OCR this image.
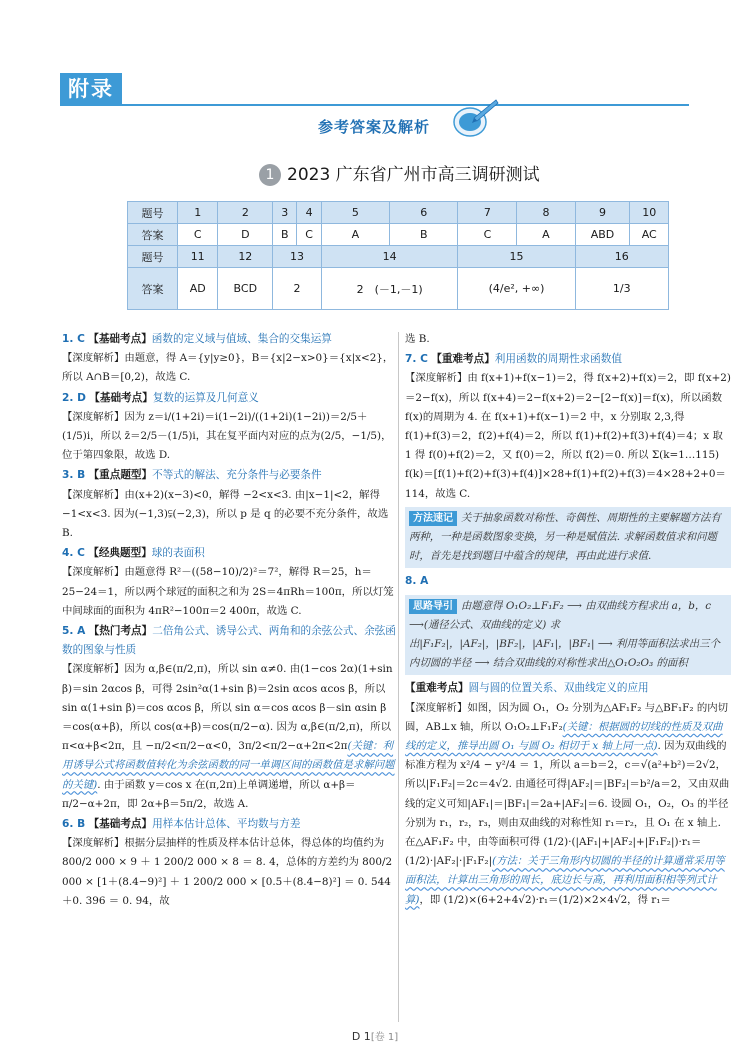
附录
参考答案及解析
1 2023 广东省广州市高三调研测试
题号	1	2	3	4	5	6	7	8	9	10
答案	C	D	B	C	A	B	C	A	ABD	AC
题号	11	12	13		14		15		16	
答案	AD	BCD	2		2　(－1,－1)		(4/e², +∞)		1/3	
1. C 【基础考点】函数的定义域与值域、集合的交集运算
【深度解析】由题意，得 A＝{y|y≥0}，B＝{x|2−x>0}＝{x|x<2}，所以 A∩B＝[0,2)，故选 C.
2. D 【基础考点】复数的运算及几何意义
【深度解析】因为 z＝i/(1+2i)＝i(1−2i)/((1+2i)(1−2i))＝2/5＋(1/5)i，所以 z̄＝2/5－(1/5)i，其在复平面内对应的点为(2/5，−1/5)，位于第四象限，故选 D.
3. B 【重点题型】不等式的解法、充分条件与必要条件
【深度解析】由(x+2)(x−3)<0，解得 −2<x<3. 由|x−1|<2，解得 −1<x<3. 因为(−1,3)⫋(−2,3)，所以 p 是 q 的必要不充分条件，故选 B.
4. C 【经典题型】球的表面积
【深度解析】由题意得 R²－((58−10)/2)²＝7²，解得 R＝25，h＝25−24＝1，所以两个球冠的面积之和为 2S＝4πRh＝100π，所以灯笼中间球面的面积为 4πR²−100π＝2 400π，故选 C.
5. A 【热门考点】二倍角公式、诱导公式、两角和的余弦公式、余弦函数的图象与性质
【深度解析】因为 α,β∈(π/2,π)，所以 sin α≠0. 由(1−cos 2α)(1+sin β)＝sin 2αcos β，可得 2sin²α(1+sin β)＝2sin αcos αcos β，所以 sin α(1+sin β)＝cos αcos β，所以 sin α＝cos αcos β－sin αsin β＝cos(α+β)，所以 cos(α+β)＝cos(π/2−α). 因为 α,β∈(π/2,π)，所以 π<α+β<2π，且 −π/2<π/2−α<0，3π/2<π/2−α+2π<2π(关键：利用诱导公式将函数值转化为余弦函数的同一单调区间的函数值是求解问题的关键). 由于函数 y＝cos x 在(π,2π)上单调递增，所以 α+β＝π/2−α+2π，即 2α+β＝5π/2，故选 A.
6. B 【基础考点】用样本估计总体、平均数与方差
【深度解析】根据分层抽样的性质及样本估计总体，得总体的均值约为 800/2 000 × 9 ＋ 1 200/2 000 × 8 ＝ 8. 4，总体的方差约为 800/2 000 × [1＋(8.4−9)²] ＋ 1 200/2 000 × [0.5＋(8.4−8)²] ＝ 0. 544＋0. 396 ＝ 0. 94，故
选 B.
7. C 【重难考点】利用函数的周期性求函数值
【深度解析】由 f(x+1)+f(x−1)＝2，得 f(x+2)+f(x)＝2，即 f(x+2)＝2−f(x)，所以 f(x+4)＝2−f(x+2)＝2−[2−f(x)]＝f(x)，所以函数 f(x)的周期为 4. 在 f(x+1)+f(x−1)＝2 中，x 分别取 2,3,得 f(1)+f(3)＝2，f(2)+f(4)＝2，所以 f(1)+f(2)+f(3)+f(4)＝4；x 取 1 得 f(0)+f(2)＝2，又 f(0)＝2，所以 f(2)＝0. 所以 Σ(k=1…115) f(k)＝[f(1)+f(2)+f(3)+f(4)]×28+f(1)+f(2)+f(3)＝4×28+2+0＝114，故选 C.
方法速记 关于抽象函数对称性、奇偶性、周期性的主要解题方法有两种，一种是函数图象变换，另一种是赋值法. 求解函数值求和问题时，首先是找到题目中蕴含的规律，再由此进行求值.
8. A
思路导引 由题意得 O₁O₂⊥F₁F₂ ⟶ 由双曲线方程求出 a，b，c ⟶(通径公式、双曲线的定义) 求出|F₁F₂|，|AF₂|，|BF₂|，|AF₁|，|BF₁| ⟶ 利用等面积法求出三个内切圆的半径 ⟶ 结合双曲线的对称性求出△O₁O₂O₃ 的面积
【重难考点】圆与圆的位置关系、双曲线定义的应用
【深度解析】如图，因为圆 O₁，O₂ 分别为△AF₁F₂ 与△BF₁F₂ 的内切圆，AB⊥x 轴，所以 O₁O₂⊥F₁F₂(关键：根据圆的切线的性质及双曲线的定义，推导出圆 O₁ 与圆 O₂ 相切于 x 轴上同一点). 因为双曲线的标准方程为 x²/4 − y²/4 ＝ 1，所以 a＝b＝2，c＝√(a²+b²)＝2√2，所以|F₁F₂|＝2c＝4√2. 由通径可得|AF₂|＝|BF₂|＝b²/a＝2，又由双曲线的定义可知|AF₁|＝|BF₁|＝2a+|AF₂|＝6. 设圆 O₁，O₂，O₃ 的半径分别为 r₁，r₂，r₃，则由双曲线的对称性知 r₁＝r₂，且 O₁ 在 x 轴上. 在△AF₁F₂ 中，由等面积可得 (1/2)·(|AF₁|+|AF₂|+|F₁F₂|)·r₁＝(1/2)·|AF₂|·|F₁F₂|(方法：关于三角形内切圆的半径的计算通常采用等面积法，计算出三角形的周长，底边长与高，再利用面积相等列式计算)，即 (1/2)×(6+2+4√2)·r₁＝(1/2)×2×4√2，得 r₁＝
D 1[卷 1]
